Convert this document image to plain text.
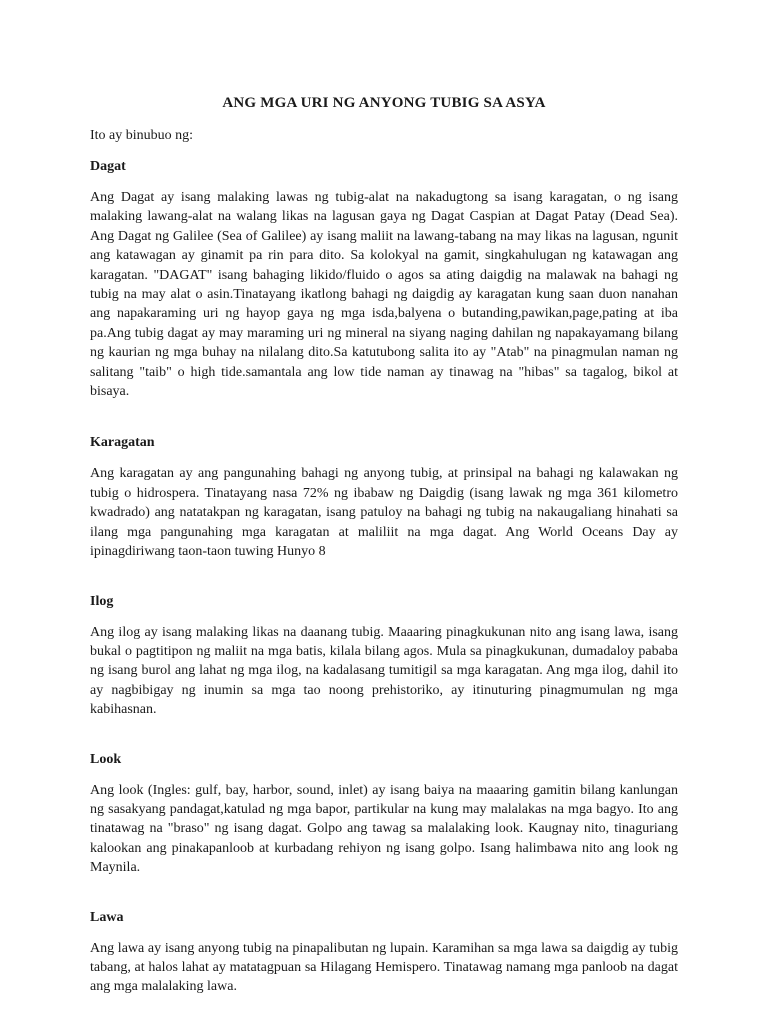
ANG MGA URI NG ANYONG TUBIG SA ASYA

Ito ay binubuo ng:

Dagat

Ang Dagat ay isang malaking lawas ng tubig-alat na nakadugtong sa isang karagatan, o ng isang malaking lawang-alat na walang likas na lagusan gaya ng Dagat Caspian at Dagat Patay (Dead Sea). Ang Dagat ng Galilee (Sea of Galilee) ay isang maliit na lawang-tabang na may likas na lagusan, ngunit ang katawagan ay ginamit pa rin para dito. Sa kolokyal na gamit, singkahulugan ng katawagan ang karagatan. "DAGAT" isang bahaging likido/fluido o agos sa ating daigdig na malawak na bahagi ng tubig na may alat o asin.Tinatayang ikatlong bahagi ng daigdig ay karagatan kung saan duon nanahan ang napakaraming uri ng hayop gaya ng mga isda,balyena o butanding,pawikan,page,pating at iba pa.Ang tubig dagat ay may maraming uri ng mineral na siyang naging dahilan ng napakayamang bilang ng kaurian ng mga buhay na nilalang dito.Sa katutubong salita ito ay "Atab" na pinagmulan naman ng salitang "taib" o high tide.samantala ang low tide naman ay tinawag na "hibas" sa tagalog, bikol at bisaya.

Karagatan

Ang karagatan ay ang pangunahing bahagi ng anyong tubig, at prinsipal na bahagi ng kalawakan ng tubig o hidrospera. Tinatayang nasa 72% ng ibabaw ng Daigdig (isang lawak ng mga 361 kilometro kwadrado) ang natatakpan ng karagatan, isang patuloy na bahagi ng tubig na nakaugaliang hinahati sa ilang mga pangunahing mga karagatan at maliliit na mga dagat. Ang World Oceans Day ay ipinagdiriwang taon-taon tuwing Hunyo 8

Ilog

Ang ilog ay isang malaking likas na daanang tubig. Maaaring pinagkukunan nito ang isang lawa, isang bukal o pagtitipon ng maliit na mga batis, kilala bilang agos. Mula sa pinagkukunan, dumadaloy pababa ng isang burol ang lahat ng mga ilog, na kadalasang tumitigil sa mga karagatan. Ang mga ilog, dahil ito ay nagbibigay ng inumin sa mga tao noong prehistoriko, ay itinuturing pinagmumulan ng mga kabihasnan.

Look

Ang look (Ingles: gulf, bay, harbor, sound, inlet) ay isang baiya na maaaring gamitin bilang kanlungan ng sasakyang pandagat,katulad ng mga bapor, partikular na kung may malalakas na mga bagyo. Ito ang tinatawag na "braso" ng isang dagat. Golpo ang tawag sa malalaking look. Kaugnay nito, tinaguriang kalookan ang pinakapanloob at kurbadang rehiyon ng isang golpo. Isang halimbawa nito ang look ng Maynila.

Lawa

Ang lawa ay isang anyong tubig na pinapalibutan ng lupain. Karamihan sa mga lawa sa daigdig ay tubig tabang, at halos lahat ay matatagpuan sa Hilagang Hemispero. Tinatawag namang mga panloob na dagat ang mga malalaking lawa.
